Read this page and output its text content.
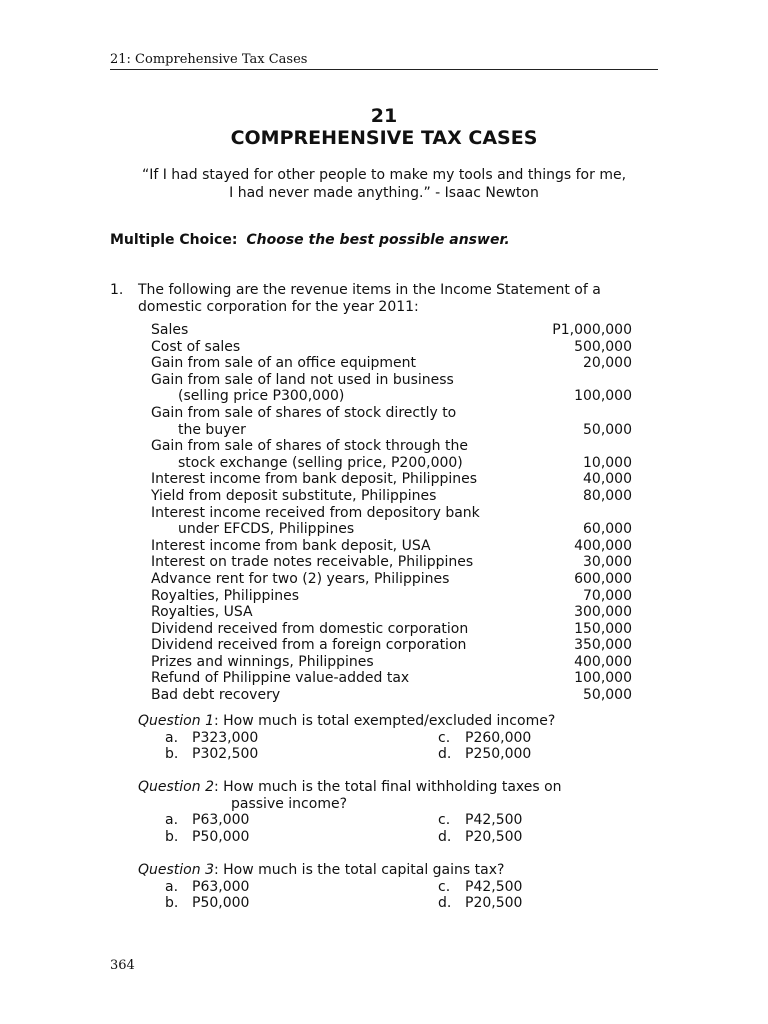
21: Comprehensive Tax Cases
21
COMPREHENSIVE TAX CASES
“If I had stayed for other people to make my tools and things for me,
I had never made anything.” - Isaac Newton
Multiple Choice: Choose the best possible answer.
1. The following are the revenue items in the Income Statement of a
domestic corporation for the year 2011:
Sales	P1,000,000
Cost of sales	500,000
Gain from sale of an office equipment	20,000
Gain from sale of land not used in business
(selling price P300,000)	100,000
Gain from sale of shares of stock directly to
the buyer	50,000
Gain from sale of shares of stock through the
stock exchange (selling price, P200,000)	10,000
Interest income from bank deposit, Philippines	40,000
Yield from deposit substitute, Philippines	80,000
Interest income received from depository bank
under EFCDS, Philippines	60,000
Interest income from bank deposit, USA	400,000
Interest on trade notes receivable, Philippines	30,000
Advance rent for two (2) years, Philippines	600,000
Royalties, Philippines	70,000
Royalties, USA	300,000
Dividend received from domestic corporation	150,000
Dividend received from a foreign corporation	350,000
Prizes and winnings, Philippines	400,000
Refund of Philippine value-added tax	100,000
Bad debt recovery	50,000
Question 1: How much is total exempted/excluded income?
a. P323,000	c. P260,000
b. P302,500	d. P250,000
Question 2: How much is the total final withholding taxes on
passive income?
a. P63,000	c. P42,500
b. P50,000	d. P20,500
Question 3: How much is the total capital gains tax?
a. P63,000	c. P42,500
b. P50,000	d. P20,500
364
